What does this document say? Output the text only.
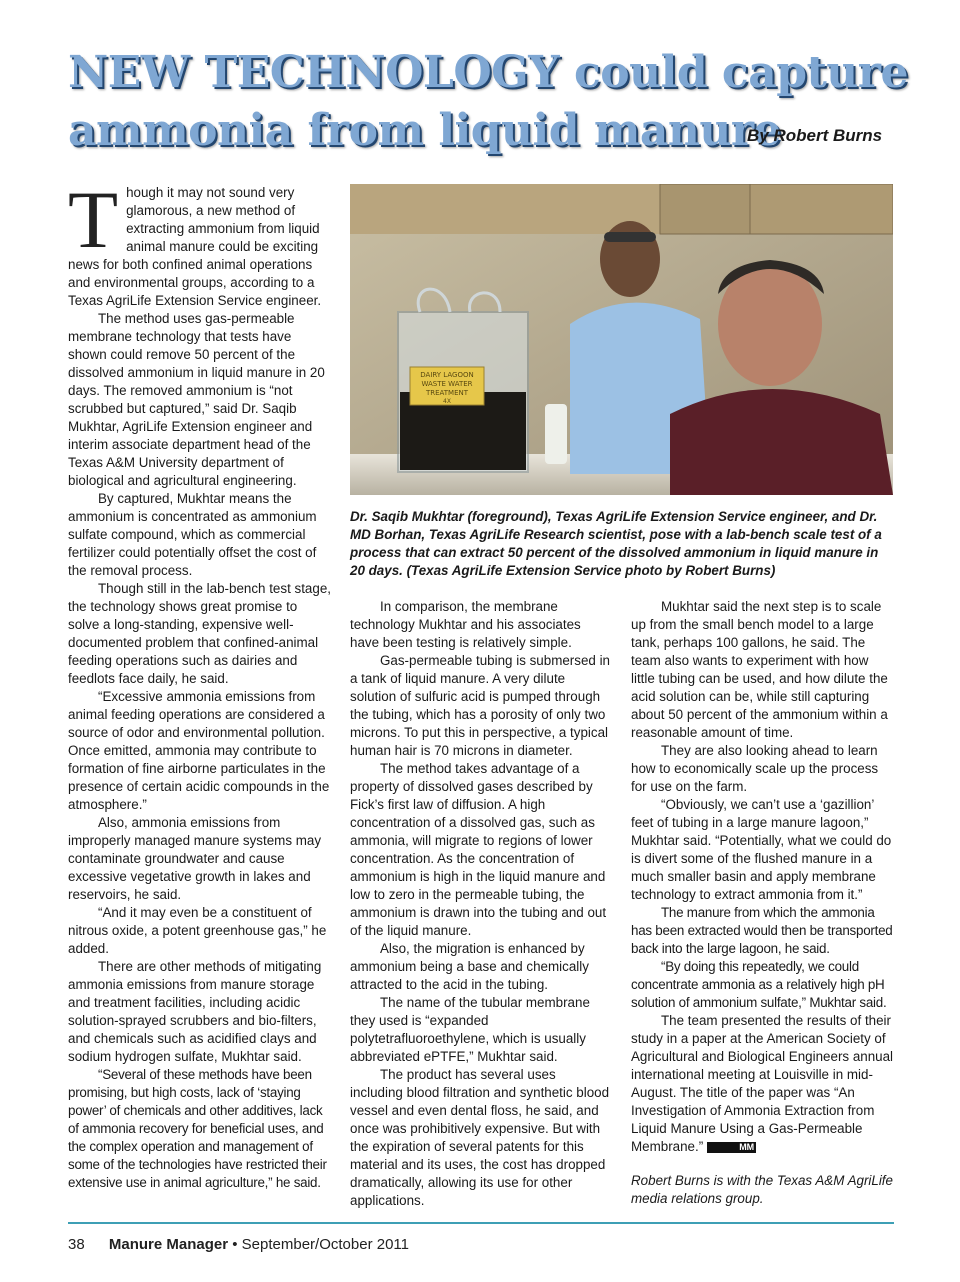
NEW TECHNOLOGY could capture
ammonia from liquid manure
By Robert Burns

Though it may not sound very glamorous, a new method of extracting ammonium from liquid animal manure could be exciting news for both confined animal operations and environmental groups, according to a Texas AgriLife Extension Service engineer.

The method uses gas-permeable membrane technology that tests have shown could remove 50 percent of the dissolved ammonium in liquid manure in 20 days. The removed ammonium is “not scrubbed but captured,” said Dr. Saqib Mukhtar, AgriLife Extension engineer and interim associate department head of the Texas A&M University department of biological and agricultural engineering.

By captured, Mukhtar means the ammonium is concentrated as ammonium sulfate compound, which as commercial fertilizer could potentially offset the cost of the removal process.

Though still in the lab-bench test stage, the technology shows great promise to solve a long-standing, expensive well-documented problem that confined-animal feeding operations such as dairies and feedlots face daily, he said.

“Excessive ammonia emissions from animal feeding operations are considered a source of odor and environmental pollution. Once emitted, ammonia may contribute to formation of fine airborne particulates in the presence of certain acidic compounds in the atmosphere.”

Also, ammonia emissions from improperly managed manure systems may contaminate groundwater and cause excessive vegetative growth in lakes and reservoirs, he said.

“And it may even be a constituent of nitrous oxide, a potent greenhouse gas,” he added.

There are other methods of mitigating ammonia emissions from manure storage and treatment facilities, including acidic solution-sprayed scrubbers and bio-filters, and chemicals such as acidified clays and sodium hydrogen sulfate, Mukhtar said.

“Several of these methods have been promising, but high costs, lack of ‘staying power’ of chemicals and other additives, lack of ammonia recovery for beneficial uses, and the complex operation and management of some of the technologies have restricted their extensive use in animal agriculture,” he said.

DAIRY LAGOON
WASTE WATER
TREATMENT
4X
Dr. Saqib Mukhtar (foreground), Texas AgriLife Extension Service engineer, and Dr. MD Borhan, Texas AgriLife Research scientist, pose with a lab-bench scale test of a process that can extract 50 percent of the dissolved ammonium in liquid manure in 20 days. (Texas AgriLife Extension Service photo by Robert Burns)

In comparison, the membrane technology Mukhtar and his associates have been testing is relatively simple.

Gas-permeable tubing is submersed in a tank of liquid manure. A very dilute solution of sulfuric acid is pumped through the tubing, which has a porosity of only two microns. To put this in perspective, a typical human hair is 70 microns in diameter.

The method takes advantage of a property of dissolved gases described by Fick’s first law of diffusion. A high concentration of a dissolved gas, such as ammonia, will migrate to regions of lower concentration. As the concentration of ammonium is high in the liquid manure and low to zero in the permeable tubing, the ammonium is drawn into the tubing and out of the liquid manure.

Also, the migration is enhanced by ammonium being a base and chemically attracted to the acid in the tubing.

The name of the tubular membrane they used is “expanded polytetrafluoroethylene, which is usually abbreviated ePTFE,” Mukhtar said.

The product has several uses including blood filtration and synthetic blood vessel and even dental floss, he said, and once was prohibitively expensive. But with the expiration of several patents for this material and its uses, the cost has dropped dramatically, allowing its use for other applications.

Mukhtar said the next step is to scale up from the small bench model to a large tank, perhaps 100 gallons, he said. The team also wants to experiment with how little tubing can be used, and how dilute the acid solution can be, while still capturing about 50 percent of the ammonium within a reasonable amount of time.

They are also looking ahead to learn how to economically scale up the process for use on the farm.

“Obviously, we can’t use a ‘gazillion’ feet of tubing in a large manure lagoon,” Mukhtar said. “Potentially, what we could do is divert some of the flushed manure in a much smaller basin and apply membrane technology to extract ammonia from it.”

The manure from which the ammonia has been extracted would then be transported back into the large lagoon, he said.

“By doing this repeatedly, we could concentrate ammonia as a relatively high pH solution of ammonium sulfate,” Mukhtar said.

The team presented the results of their study in a paper at the American Society of Agricultural and Biological Engineers annual international meeting at Louisville in mid-August. The title of the paper was “An Investigation of Ammonia Extraction from Liquid Manure Using a Gas-Permeable Membrane.”	MM

Robert Burns is with the Texas A&M AgriLife media relations group.

38 Manure Manager • September/October 2011
